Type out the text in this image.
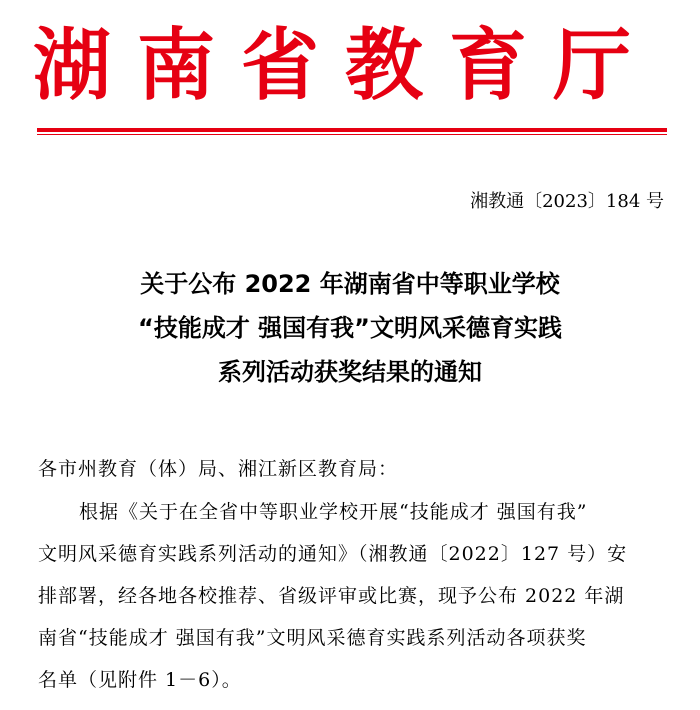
湖南省教育厅
湘教通〔2023〕184 号
关于公布 2022 年湖南省中等职业学校
“技能成才 强国有我”文明风采德育实践
系列活动获奖结果的通知
各市州教育（体）局、湘江新区教育局：
根据《关于在全省中等职业学校开展“技能成才 强国有我”
文明风采德育实践系列活动的通知》（湘教通〔2022〕127 号）安
排部署，经各地各校推荐、省级评审或比赛，现予公布 2022 年湖
南省“技能成才 强国有我”文明风采德育实践系列活动各项获奖
名单（见附件 1－6）。
